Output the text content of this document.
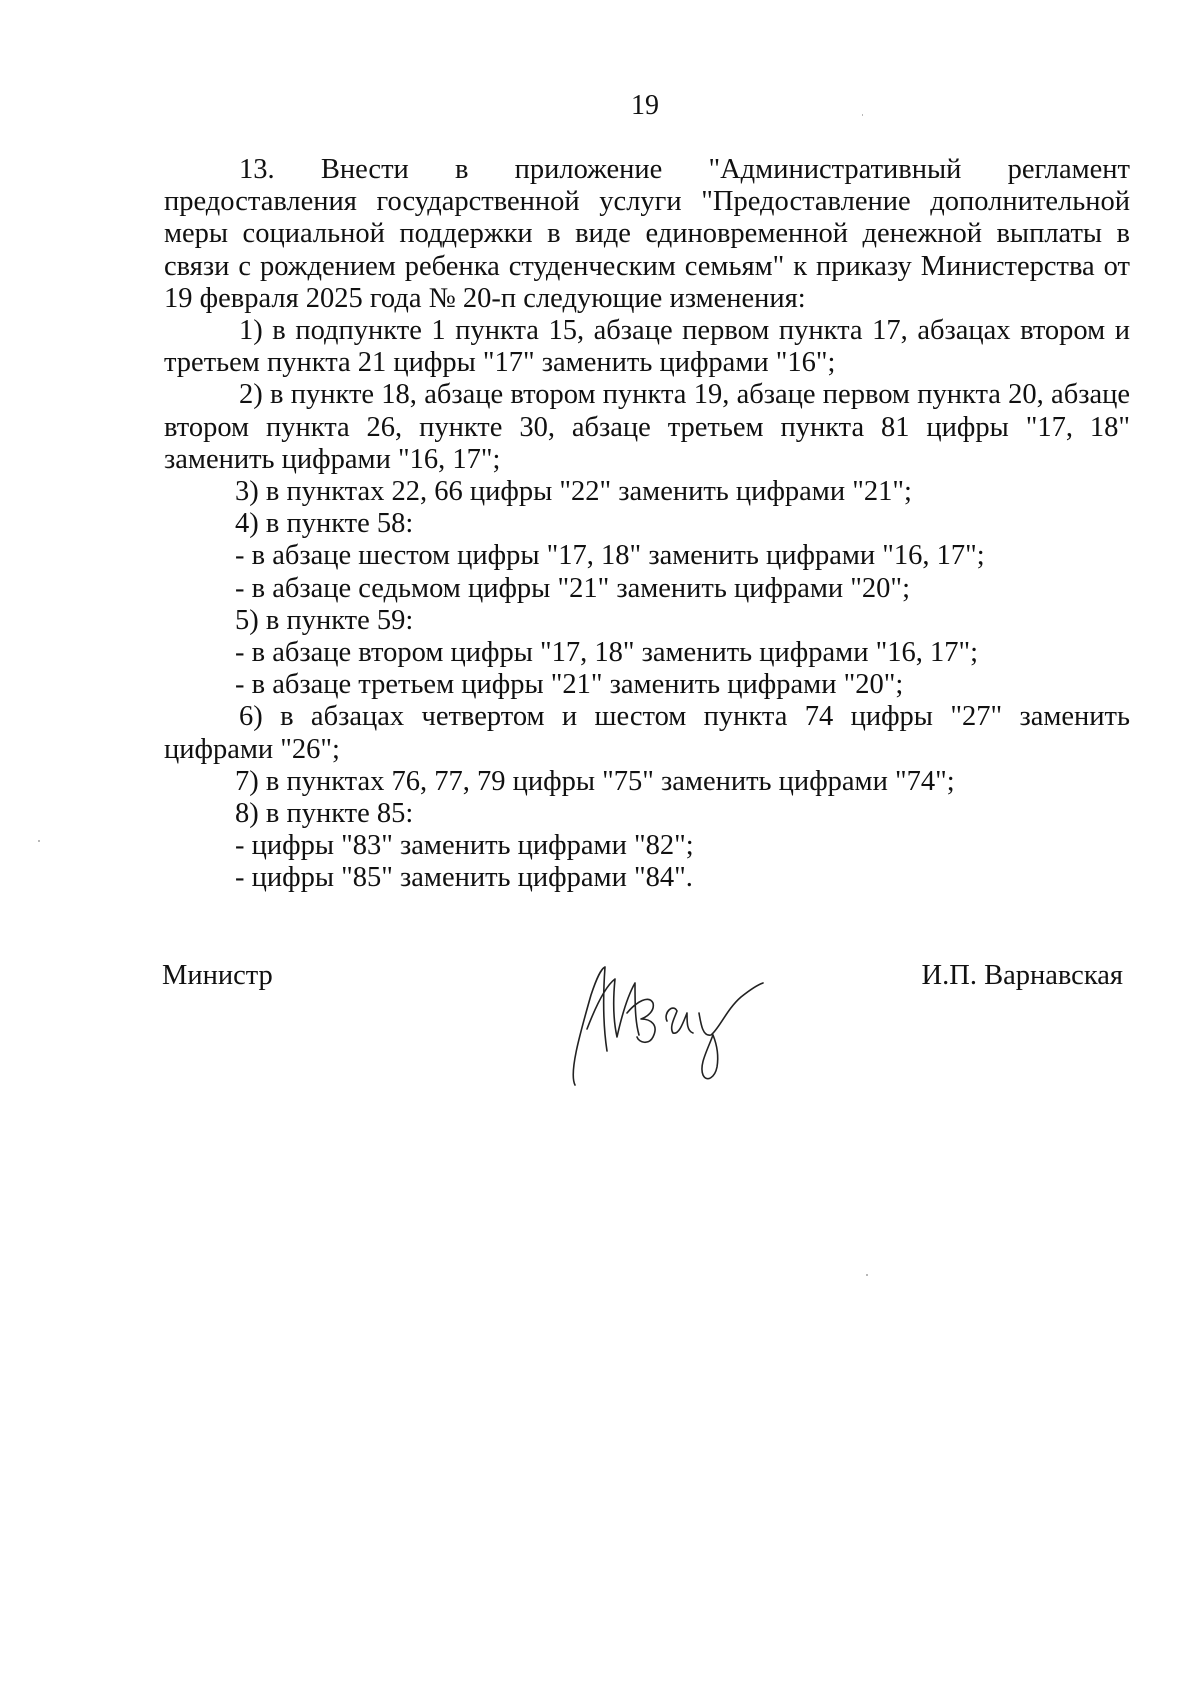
19

13. Внести в приложение "Административный регламент предоставления государственной услуги "Предоставление дополнительной меры социальной поддержки в виде единовременной денежной выплаты в связи с рождением ребенка студенческим семьям" к приказу Министерства от 19 февраля 2025 года № 20-п следующие изменения:

1) в подпункте 1 пункта 15, абзаце первом пункта 17, абзацах втором и третьем пункта 21 цифры "17" заменить цифрами "16";

2) в пункте 18, абзаце втором пункта 19, абзаце первом пункта 20, абзаце втором пункта 26, пункте 30, абзаце третьем пункта 81 цифры "17, 18" заменить цифрами "16, 17";

3) в пунктах 22, 66 цифры "22" заменить цифрами "21";

4) в пункте 58:

- в абзаце шестом цифры "17, 18" заменить цифрами "16, 17";

- в абзаце седьмом цифры "21" заменить цифрами "20";

5) в пункте 59:

- в абзаце втором цифры "17, 18" заменить цифрами "16, 17";

- в абзаце третьем цифры "21" заменить цифрами "20";

6) в абзацах четвертом и шестом пункта 74 цифры "27" заменить цифрами "26";

7) в пунктах 76, 77, 79 цифры "75" заменить цифрами "74";

8) в пункте 85:

- цифры "83" заменить цифрами "82";

- цифры "85" заменить цифрами "84".

Министр	И.П. Варнавская
